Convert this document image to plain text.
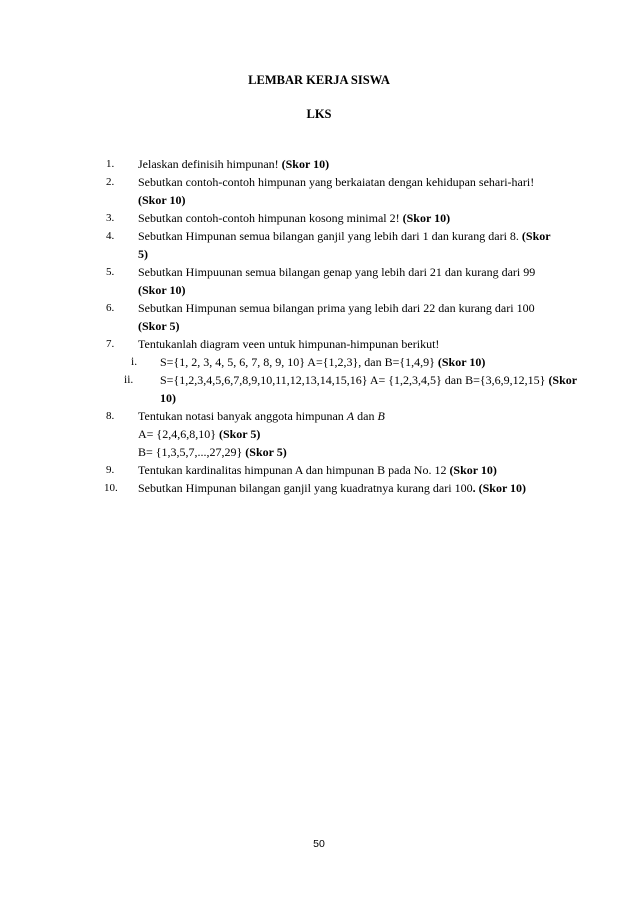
LEMBAR KERJA SISWA
LKS
1. Jelaskan definisih himpunan! (Skor 10)
2. Sebutkan contoh-contoh himpunan yang berkaiatan dengan kehidupan sehari-hari! (Skor 10)
3. Sebutkan contoh-contoh himpunan kosong minimal 2! (Skor 10)
4. Sebutkan Himpunan semua bilangan ganjil yang lebih dari 1 dan kurang dari 8. (Skor 5)
5. Sebutkan Himpuunan semua bilangan genap yang lebih dari 21 dan kurang dari 99 (Skor 10)
6. Sebutkan Himpunan semua bilangan prima yang lebih dari 22 dan kurang dari 100 (Skor 5)
7. Tentukanlah diagram veen untuk himpunan-himpunan berikut!
i. S={1, 2, 3, 4, 5, 6, 7, 8, 9, 10} A={1,2,3}, dan B={1,4,9} (Skor 10)
ii. S={1,2,3,4,5,6,7,8,9,10,11,12,13,14,15,16} A= {1,2,3,4,5} dan B={3,6,9,12,15} (Skor 10)
8. Tentukan notasi banyak anggota himpunan A dan B
A= {2,4,6,8,10} (Skor 5)
B= {1,3,5,7,...,27,29} (Skor 5)
9. Tentukan kardinalitas himpunan A dan himpunan B pada No. 12 (Skor 10)
10. Sebutkan Himpunan bilangan ganjil yang kuadratnya kurang dari 100. (Skor 10)
50
